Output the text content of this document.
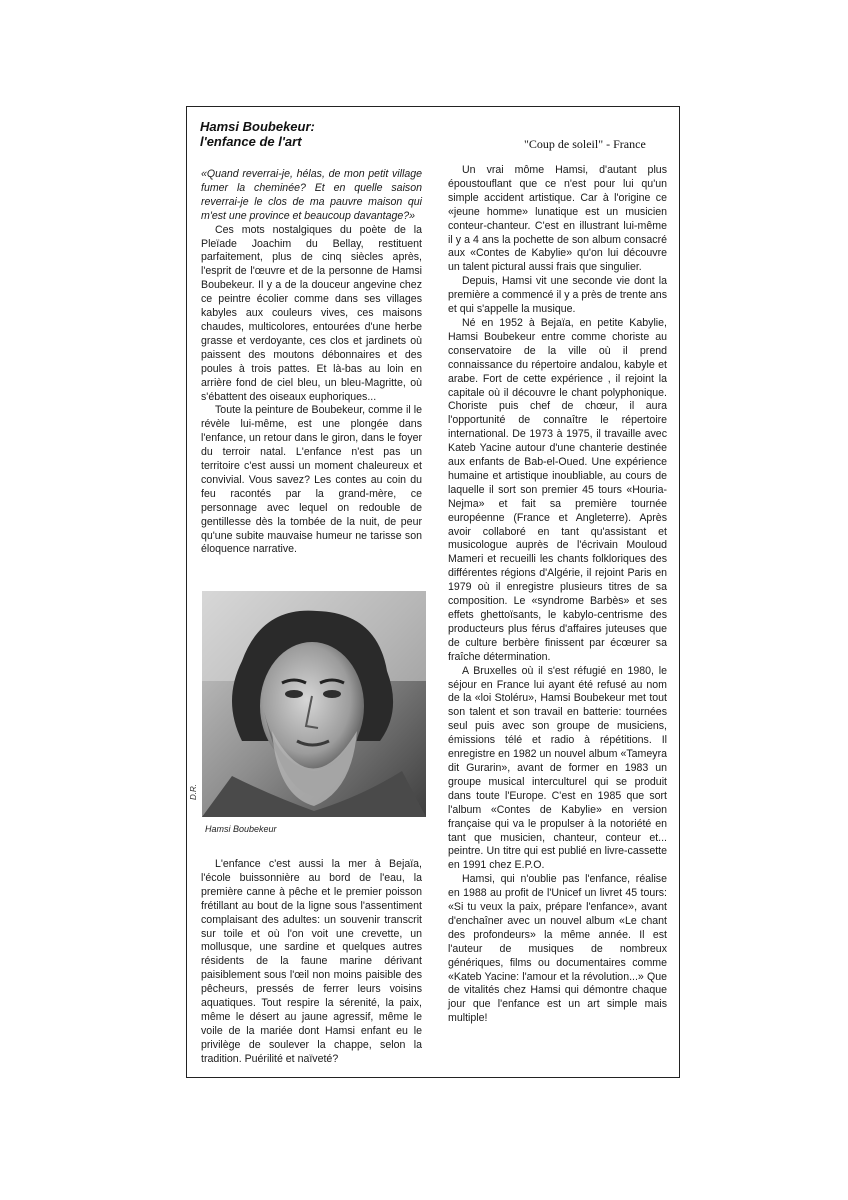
Hamsi Boubekeur:
l'enfance de l'art	"Coup de soleil" - France

«Quand reverrai-je, hélas, de mon petit village fumer la cheminée? Et en quelle saison reverrai-je le clos de ma pauvre maison qui m'est une province et beaucoup davantage?»

Ces mots nostalgiques du poète de la Pleïade Joachim du Bellay, restituent parfaitement, plus de cinq siècles après, l'esprit de l'œuvre et de la personne de Hamsi Boubekeur. Il y a de la douceur angevine chez ce peintre écolier comme dans ses villages kabyles aux couleurs vives, ces maisons chaudes, multicolores, entourées d'une herbe grasse et verdoyante, ces clos et jardinets où paissent des moutons débonnaires et des poules à trois pattes. Et là-bas au loin en arrière fond de ciel bleu, un bleu-Magritte, où s'ébattent des oiseaux euphoriques...

Toute la peinture de Boubekeur, comme il le révèle lui-même, est une plongée dans l'enfance, un retour dans le giron, dans le foyer du terroir natal. L'enfance n'est pas un territoire c'est aussi un moment chaleureux et convivial. Vous savez? Les contes au coin du feu racontés par la grand-mère, ce personnage avec lequel on redouble de gentillesse dès la tombée de la nuit, de peur qu'une subite mauvaise humeur ne tarisse son éloquence narrative.

D.R.
Hamsi Boubekeur

L'enfance c'est aussi la mer à Bejaïa, l'école buissonnière au bord de l'eau, la première canne à pêche et le premier poisson frétillant au bout de la ligne sous l'assentiment complaisant des adultes: un souvenir transcrit sur toile et où l'on voit une crevette, un mollusque, une sardine et quelques autres résidents de la faune marine dérivant paisiblement sous l'œil non moins paisible des pêcheurs, pressés de ferrer leurs voisins aquatiques. Tout respire la sérenité, la paix, même le désert au jaune agressif, même le voile de la mariée dont Hamsi enfant eu le privilège de soulever la chappe, selon la tradition. Puérilité et naïveté?

Un vrai môme Hamsi, d'autant plus époustouflant que ce n'est pour lui qu'un simple accident artistique. Car à l'origine ce «jeune homme» lunatique est un musicien conteur-chanteur. C'est en illustrant lui-même il y a 4 ans la pochette de son album consacré aux «Contes de Kabylie» qu'on lui découvre un talent pictural aussi frais que singulier.

Depuis, Hamsi vit une seconde vie dont la première a commencé il y a près de trente ans et qui s'appelle la musique.

Né en 1952 à Bejaïa, en petite Kabylie, Hamsi Boubekeur entre comme choriste au conservatoire de la ville où il prend connaissance du répertoire andalou, kabyle et arabe. Fort de cette expérience , il rejoint la capitale où il découvre le chant polyphonique. Choriste puis chef de chœur, il aura l'opportunité de connaître le répertoire international. De 1973 à 1975, il travaille avec Kateb Yacine autour d'une chanterie destinée aux enfants de Bab-el-Oued. Une expérience humaine et artistique inoubliable, au cours de laquelle il sort son premier 45 tours «Houria-Nejma» et fait sa première tournée européenne (France et Angleterre). Après avoir collaboré en tant qu'assistant et musicologue auprès de l'écrivain Mouloud Mameri et recueilli les chants folkloriques des différentes régions d'Algérie, il rejoint Paris en 1979 où il enregistre plusieurs titres de sa composition. Le «syndrome Barbès» et ses effets ghettoïsants, le kabylo-centrisme des producteurs plus férus d'affaires juteuses que de culture berbère finissent par écœurer sa fraîche détermination.

A Bruxelles où il s'est réfugié en 1980, le séjour en France lui ayant été refusé au nom de la «loi Stoléru», Hamsi Boubekeur met tout son talent et son travail en batterie: tournées seul puis avec son groupe de musiciens, émissions télé et radio à répétitions. Il enregistre en 1982 un nouvel album «Tameyra dit Gurarin», avant de former en 1983 un groupe musical interculturel qui se produit dans toute l'Europe. C'est en 1985 que sort l'album «Contes de Kabylie» en version française qui va le propulser à la notoriété en tant que musicien, chanteur, conteur et... peintre. Un titre qui est publié en livre-cassette en 1991 chez E.P.O.

Hamsi, qui n'oublie pas l'enfance, réalise en 1988 au profit de l'Unicef un livret 45 tours: «Si tu veux la paix, prépare l'enfance», avant d'enchaîner avec un nouvel album «Le chant des profondeurs» la même année. Il est l'auteur de musiques de nombreux génériques, films ou documentaires comme «Kateb Yacine: l'amour et la révolution...» Que de vitalités chez Hamsi qui démontre chaque jour que l'enfance est un art simple mais multiple!
